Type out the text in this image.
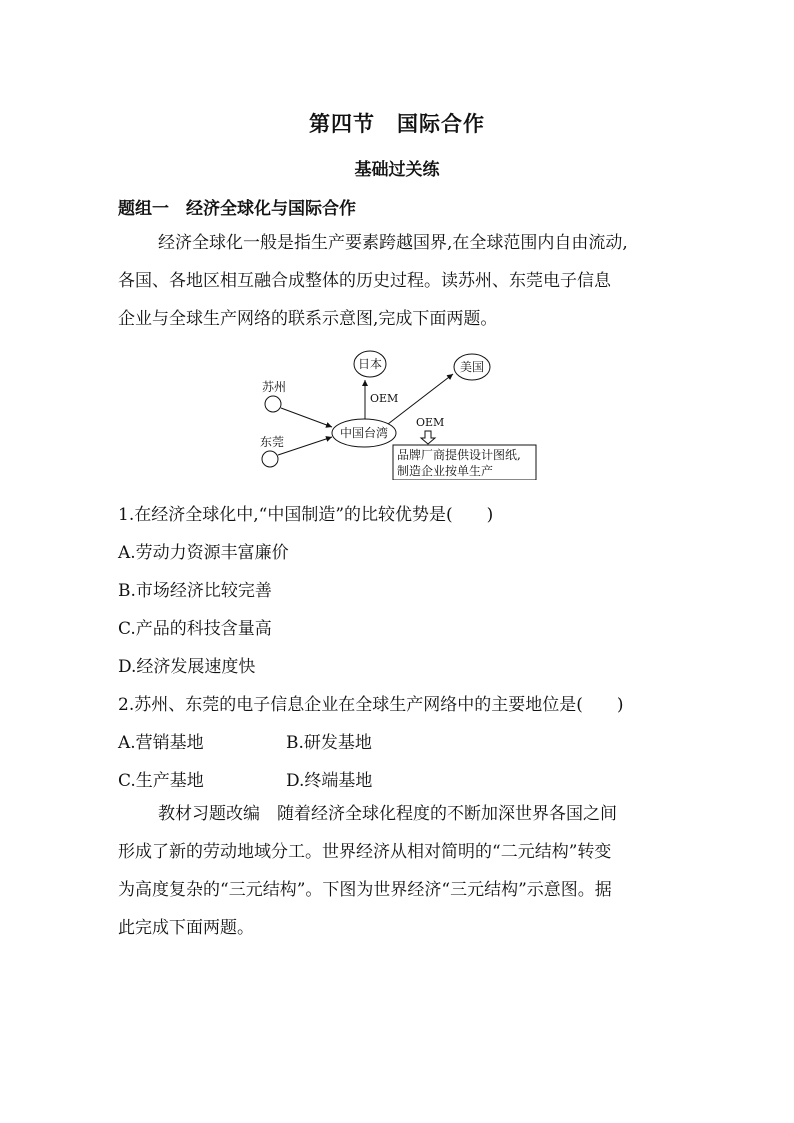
第四节　国际合作
基础过关练
题组一　经济全球化与国际合作
经济全球化一般是指生产要素跨越国界,在全球范围内自由流动,
各国、各地区相互融合成整体的历史过程。读苏州、东莞电子信息
企业与全球生产网络的联系示意图,完成下面两题。
苏州
东莞
中国台湾
日本
OEM
美国
OEM
品牌厂商提供设计图纸,
制造企业按单生产
1.在经济全球化中,“中国制造”的比较优势是(　　)
A.劳动力资源丰富廉价
B.市场经济比较完善
C.产品的科技含量高
D.经济发展速度快
2.苏州、东莞的电子信息企业在全球生产网络中的主要地位是(　　)
A.营销基地	B.研发基地
C.生产基地	D.终端基地
教材习题改编　随着经济全球化程度的不断加深世界各国之间
形成了新的劳动地域分工。世界经济从相对简明的“二元结构”转变
为高度复杂的“三元结构”。下图为世界经济“三元结构”示意图。据
此完成下面两题。
